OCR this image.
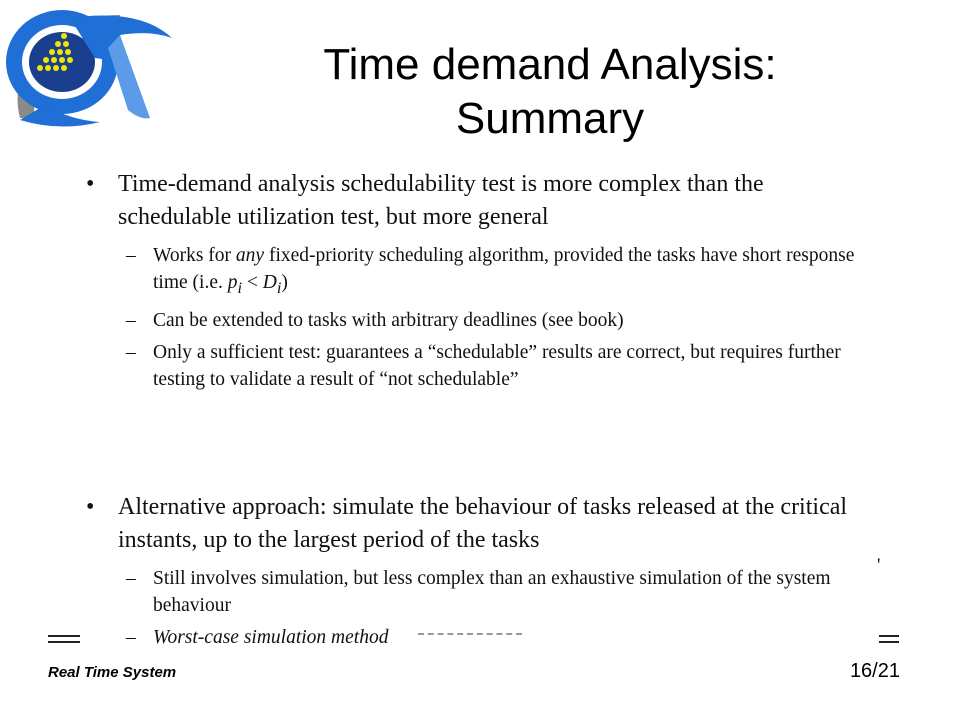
Time demand Analysis:
Summary
• Time-demand analysis schedulability test is more complex than the schedulable utilization test, but more general
– Works for any fixed-priority scheduling algorithm, provided the tasks have short response time (i.e. $p_i < D_i$)
– Can be extended to tasks with arbitrary deadlines (see book)
– Only a sufficient test: guarantees a “schedulable” results are correct, but requires further testing to validate a result of “not schedulable”
• Alternative approach: simulate the behaviour of tasks released at the critical instants, up to the largest period of the tasks
– Still involves simulation, but less complex than an exhaustive simulation of the system behaviour
– Worst-case simulation method
'
Real Time System	16/21
